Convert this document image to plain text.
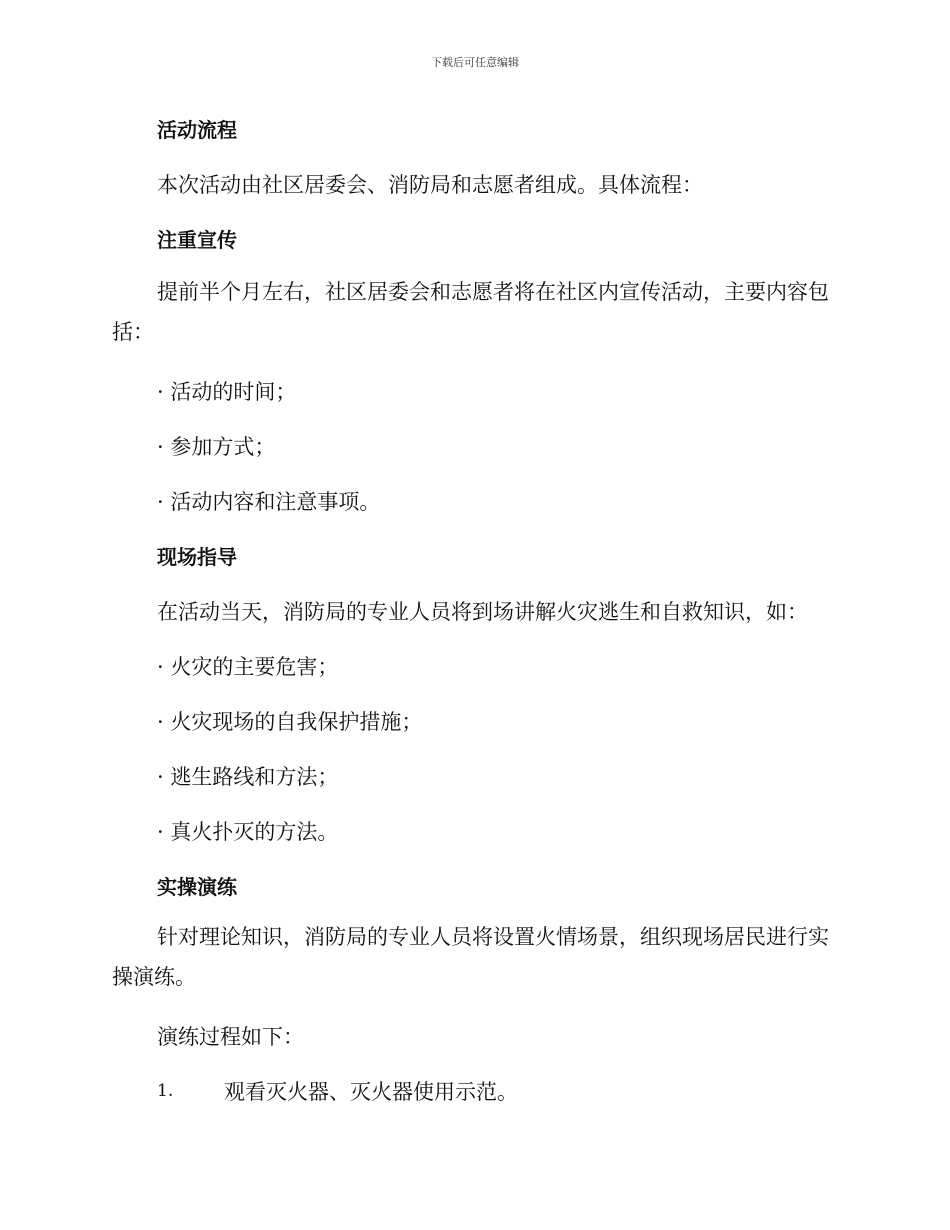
下载后可任意编辑
活动流程
本次活动由社区居委会、消防局和志愿者组成。具体流程：
注重宣传
提前半个月左右，社区居委会和志愿者将在社区内宣传活动，主要内容包括：
· 活动的时间；
· 参加方式；
· 活动内容和注意事项。
现场指导
在活动当天，消防局的专业人员将到场讲解火灾逃生和自救知识，如：
· 火灾的主要危害；
· 火灾现场的自我保护措施；
· 逃生路线和方法；
· 真火扑灭的方法。
实操演练
针对理论知识，消防局的专业人员将设置火情场景，组织现场居民进行实操演练。
演练过程如下：
1. 观看灭火器、灭火器使用示范。
